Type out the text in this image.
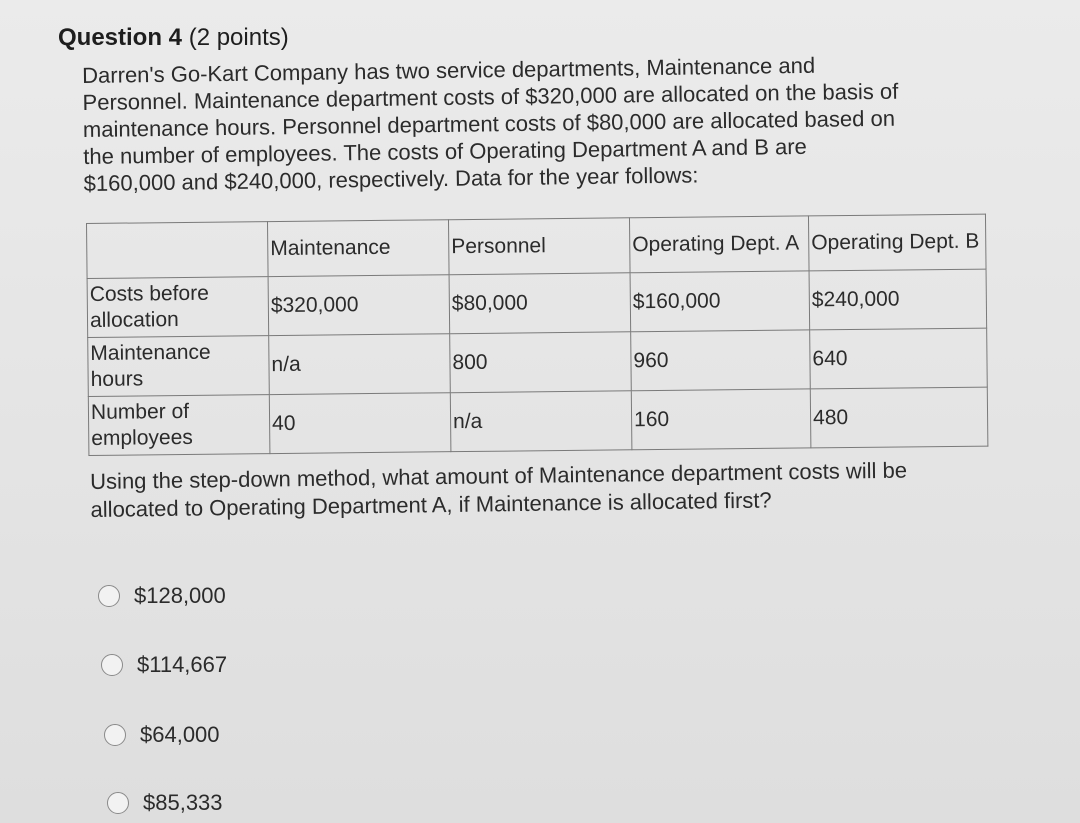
Question 4 (2 points)
Darren's Go-Kart Company has two service departments, Maintenance and
Personnel. Maintenance department costs of $320,000 are allocated on the basis of
maintenance hours. Personnel department costs of $80,000 are allocated based on
the number of employees. The costs of Operating Department A and B are
$160,000 and $240,000, respectively. Data for the year follows:
	Maintenance	Personnel	Operating Dept. A	Operating Dept. B
Costs before allocation	$320,000	$80,000	$160,000	$240,000
Maintenance hours	n/a	800	960	640
Number of employees	40	n/a	160	480
Using the step-down method, what amount of Maintenance department costs will be
allocated to Operating Department A, if Maintenance is allocated first?
$128,000
$114,667
$64,000
$85,333
